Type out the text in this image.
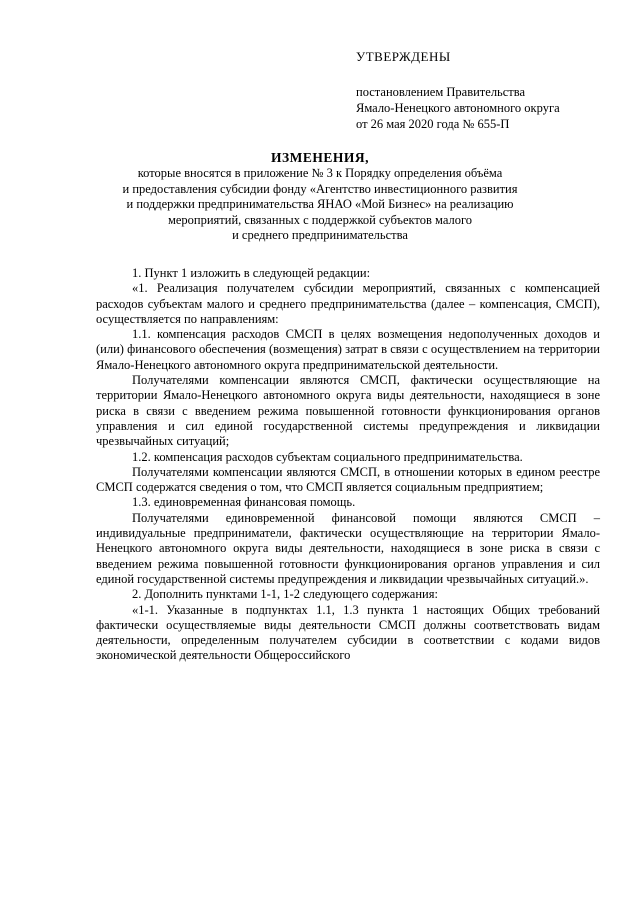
УТВЕРЖДЕНЫ
постановлением Правительства
Ямало-Ненецкого автономного округа
от 26 мая 2020 года № 655-П
ИЗМЕНЕНИЯ,
которые вносятся в приложение № 3 к Порядку определения объёма
и предоставления субсидии фонду «Агентство инвестиционного развития
и поддержки предпринимательства ЯНАО «Мой Бизнес» на реализацию
мероприятий, связанных с поддержкой субъектов малого
и среднего предпринимательства

1. Пункт 1 изложить в следующей редакции:

«1. Реализация получателем субсидии мероприятий, связанных с компенсацией расходов субъектам малого и среднего предпринимательства (далее – компенсация, СМСП), осуществляется по направлениям:

1.1. компенсация расходов СМСП в целях возмещения недополученных доходов и (или) финансового обеспечения (возмещения) затрат в связи с осуществлением на территории Ямало-Ненецкого автономного округа предпринимательской деятельности.

Получателями компенсации являются СМСП, фактически осуществляющие на территории Ямало-Ненецкого автономного округа виды деятельности, находящиеся в зоне риска в связи с введением режима повышенной готовности функционирования органов управления и сил единой государственной системы предупреждения и ликвидации чрезвычайных ситуаций;

1.2. компенсация расходов субъектам социального предпринимательства.

Получателями компенсации являются СМСП, в отношении которых в едином реестре СМСП содержатся сведения о том, что СМСП является социальным предприятием;

1.3. единовременная финансовая помощь.

Получателями единовременной финансовой помощи являются СМСП – индивидуальные предприниматели, фактически осуществляющие на территории Ямало-Ненецкого автономного округа виды деятельности, находящиеся в зоне риска в связи с введением режима повышенной готовности функционирования органов управления и сил единой государственной системы предупреждения и ликвидации чрезвычайных ситуаций.».

2. Дополнить пунктами 1-1, 1-2 следующего содержания:

«1-1. Указанные в подпунктах 1.1, 1.3 пункта 1 настоящих Общих требований фактически осуществляемые виды деятельности СМСП должны соответствовать видам деятельности, определенным получателем субсидии в соответствии с кодами видов экономической деятельности Общероссийского
